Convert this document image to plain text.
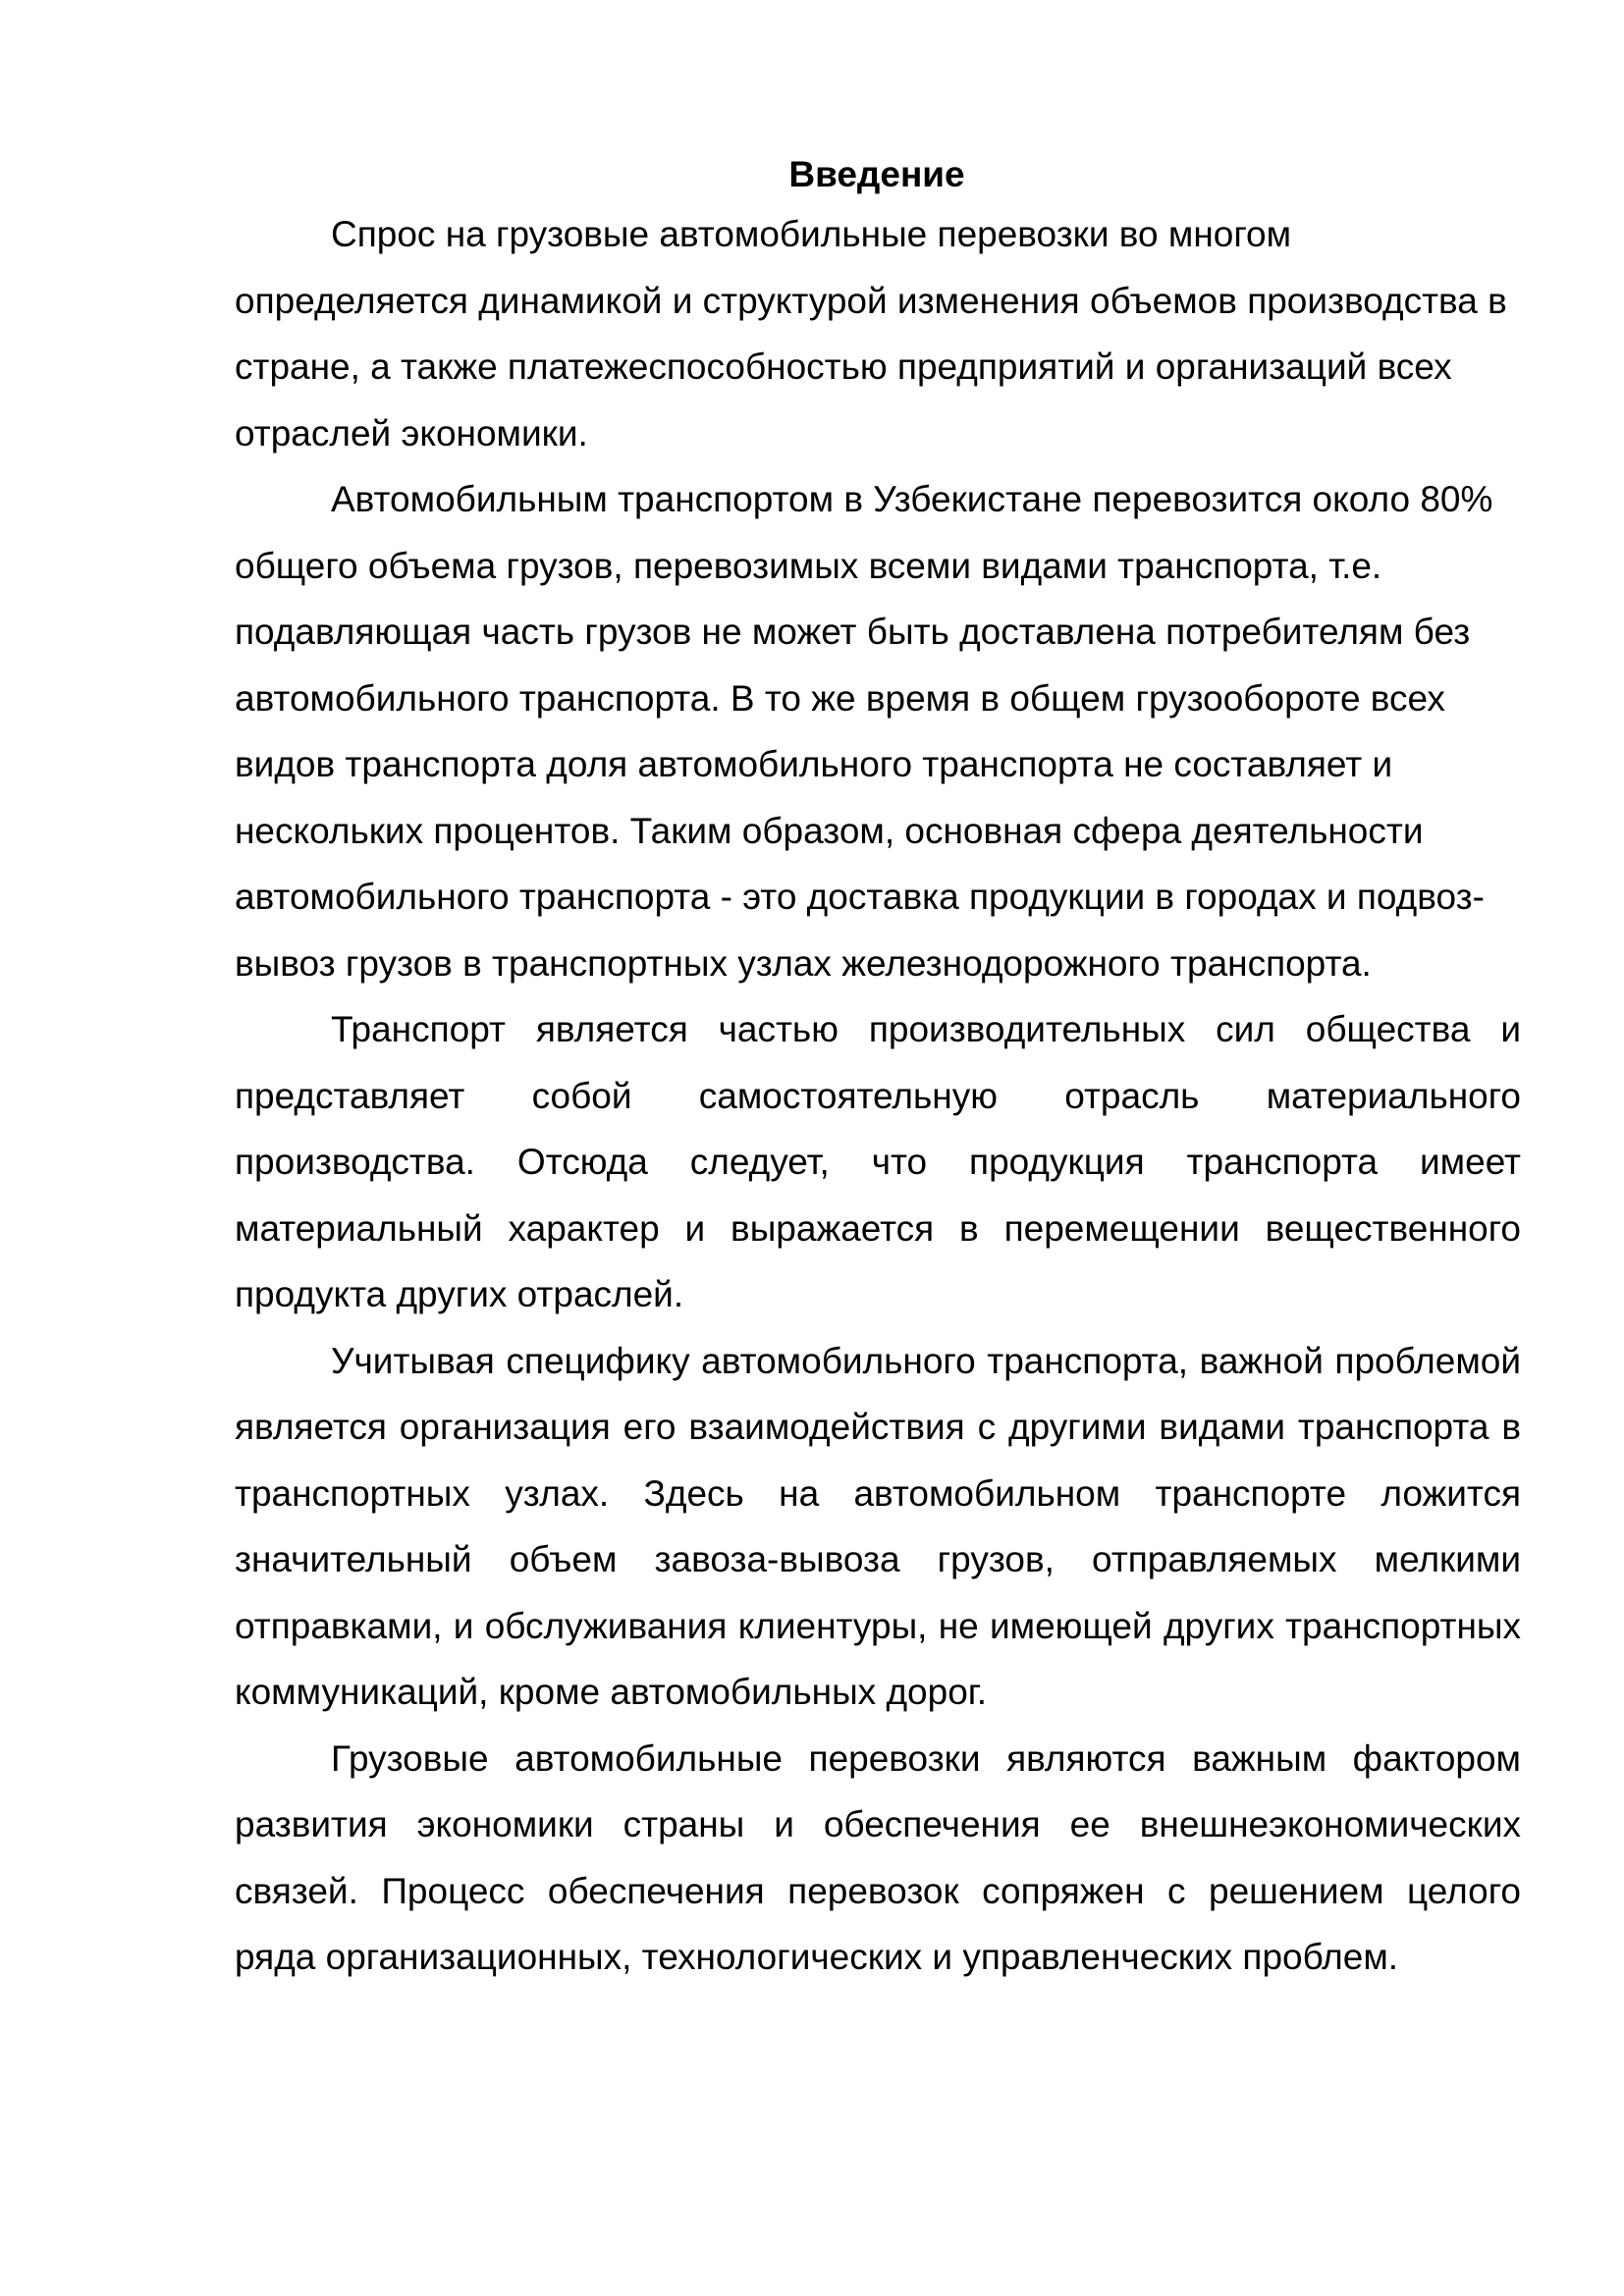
Введение

Спрос на грузовые автомобильные перевозки во многом определяется динамикой и структурой изменения объемов производства в стране, а также платежеспособностью предприятий и организаций всех отраслей экономики.

Автомобильным транспортом в Узбекистане перевозится около 80% общего объема грузов, перевозимых всеми видами транспорта, т.е. подавляющая часть грузов не может быть доставлена потребителям без автомобильного транспорта. В то же время в общем грузообороте всех видов транспорта доля автомобильного транспорта не составляет и нескольких процентов. Таким образом, основная сфера деятельности автомобильного транспорта - это доставка продукции в городах и подвоз-вывоз грузов в транспортных узлах железнодорожного транспорта.

Транспорт является частью производительных сил общества и представляет собой самостоятельную отрасль материального производства. Отсюда следует, что продукция транспорта имеет материальный характер и выражается в перемещении вещественного продукта других отраслей.

Учитывая специфику автомобильного транспорта, важной проблемой является организация его взаимодействия с другими видами транспорта в транспортных узлах. Здесь на автомобильном транспорте ложится значительный объем завоза-вывоза грузов, отправляемых мелкими отправками, и обслуживания клиентуры, не имеющей других транспортных коммуникаций, кроме автомобильных дорог.

Грузовые автомобильные перевозки являются важным фактором развития экономики страны и обеспечения ее внешнеэкономических связей. Процесс обеспечения перевозок сопряжен с решением целого ряда организационных, технологических и управленческих проблем.
